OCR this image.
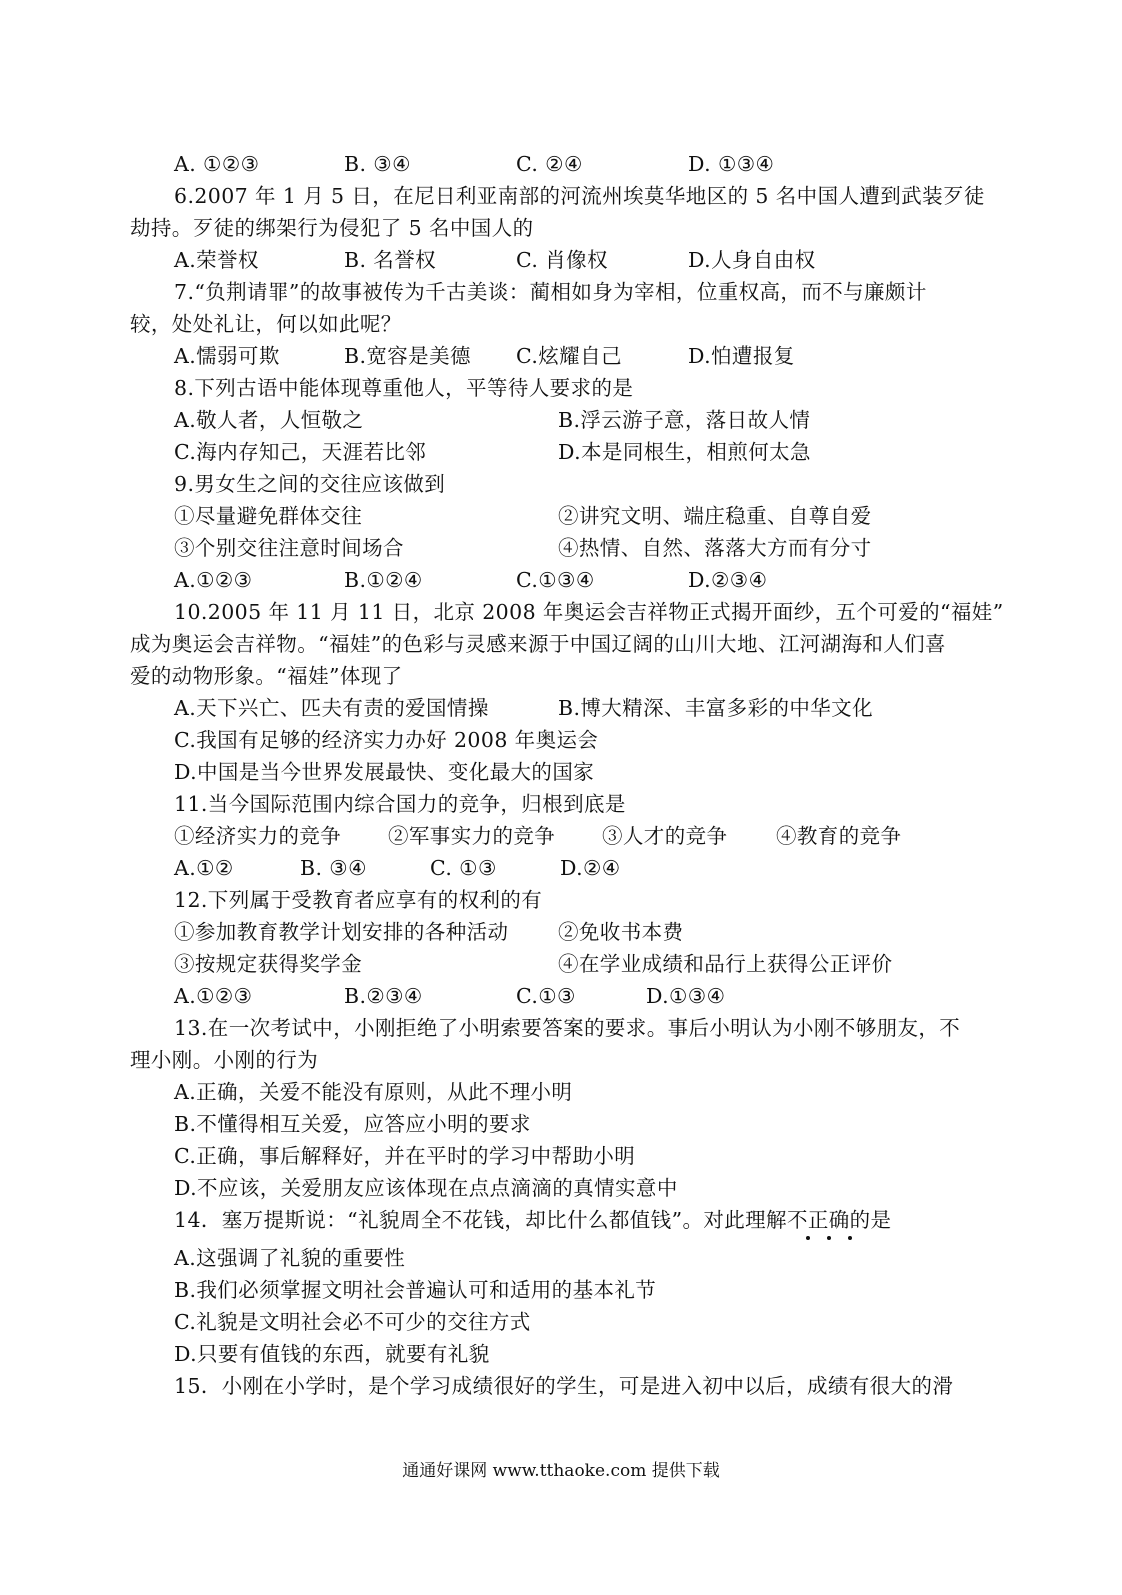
A. ①②③	B. ③④	C. ②④	D. ①③④
6.2007 年 1 月 5 日，在尼日利亚南部的河流州埃莫华地区的 5 名中国人遭到武装歹徒
劫持。歹徒的绑架行为侵犯了 5 名中国人的
A.荣誉权	B. 名誉权	C. 肖像权	D.人身自由权
7.“负荆请罪”的故事被传为千古美谈：蔺相如身为宰相，位重权高，而不与廉颇计
较，处处礼让，何以如此呢？
A.懦弱可欺	B.宽容是美德 C.炫耀自己	D.怕遭报复
8.下列古语中能体现尊重他人，平等待人要求的是
A.敬人者，人恒敬之	B.浮云游子意，落日故人情
C.海内存知己，天涯若比邻	D.本是同根生，相煎何太急
9.男女生之间的交往应该做到
①尽量避免群体交往	②讲究文明、端庄稳重、自尊自爱
③个别交往注意时间场合	④热情、自然、落落大方而有分寸
A.①②③	B.①②④	C.①③④	D.②③④
10.2005 年 11 月 11 日，北京 2008 年奥运会吉祥物正式揭开面纱，五个可爱的“福娃”
成为奥运会吉祥物。“福娃”的色彩与灵感来源于中国辽阔的山川大地、江河湖海和人们喜
爱的动物形象。“福娃”体现了
A.天下兴亡、匹夫有责的爱国情操	B.博大精深、丰富多彩的中华文化
C.我国有足够的经济实力办好 2008 年奥运会
D.中国是当今世界发展最快、变化最大的国家
11.当今国际范围内综合国力的竞争，归根到底是
①经济实力的竞争 ②军事实力的竞争 ③人才的竞争 ④教育的竞争
A.①②	B. ③④	C. ①③	D.②④
12.下列属于受教育者应享有的权利的有
①参加教育教学计划安排的各种活动 ②免收书本费
③按规定获得奖学金	④在学业成绩和品行上获得公正评价
A.①②③	B.②③④	C.①③	D.①③④
13.在一次考试中，小刚拒绝了小明索要答案的要求。事后小明认为小刚不够朋友，不
理小刚。小刚的行为
A.正确，关爱不能没有原则，从此不理小明
B.不懂得相互关爱，应答应小明的要求
C.正确，事后解释好，并在平时的学习中帮助小明
D.不应该，关爱朋友应该体现在点点滴滴的真情实意中
14．塞万提斯说：“礼貌周全不花钱，却比什么都值钱”。对此理解不正确的是
A.这强调了礼貌的重要性
B.我们必须掌握文明社会普遍认可和适用的基本礼节
C.礼貌是文明社会必不可少的交往方式
D.只要有值钱的东西，就要有礼貌
15．小刚在小学时，是个学习成绩很好的学生，可是进入初中以后，成绩有很大的滑
通通好课网 www.tthaoke.com 提供下载
